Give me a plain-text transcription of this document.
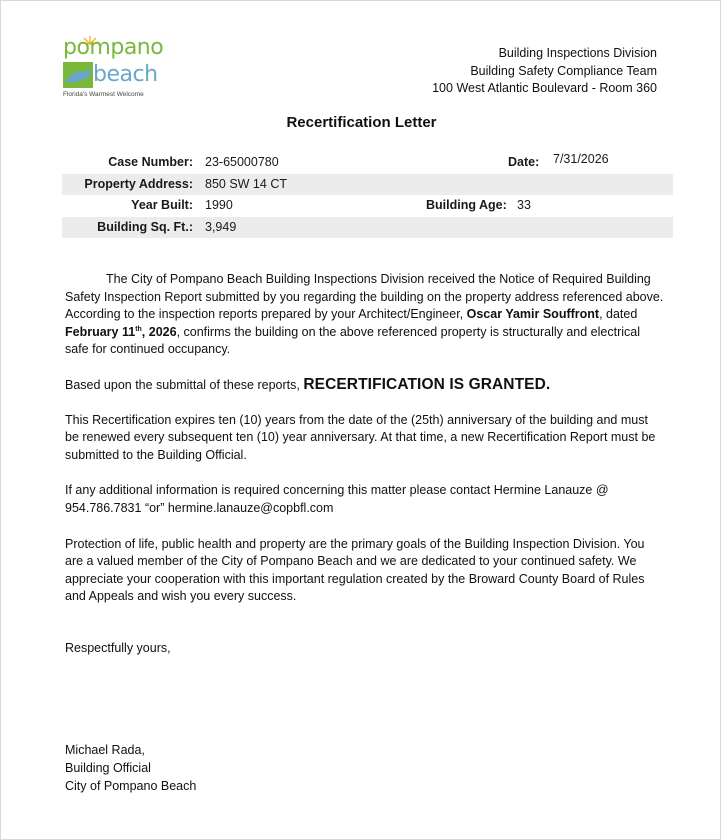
pompano
beach
Florida's Warmest Welcome
Building Inspections Division
Building Safety Compliance Team
100 West Atlantic Boulevard - Room 360
Recertification Letter
Case Number: 23-65000780	Date: 7/31/2026
Property Address: 850 SW 14 CT
Year Built: 1990	Building Age: 33
Building Sq. Ft.: 3,949

The City of Pompano Beach Building Inspections Division received the Notice of Required Building Safety Inspection Report submitted by you regarding the building on the property address referenced above. According to the inspection reports prepared by your Architect/Engineer, Oscar Yamir Souffront, dated February 11th, 2026, confirms the building on the above referenced property is structurally and electrical safe for continued occupancy.

Based upon the submittal of these reports, RECERTIFICATION IS GRANTED.

This Recertification expires ten (10) years from the date of the (25th) anniversary of the building and must be renewed every subsequent ten (10) year anniversary. At that time, a new Recertification Report must be submitted to the Building Official.

If any additional information is required concerning this matter please contact Hermine Lanauze @ 954.786.7831 “or” hermine.lanauze@copbfl.com

Protection of life, public health and property are the primary goals of the Building Inspection Division. You are a valued member of the City of Pompano Beach and we are dedicated to your continued safety. We appreciate your cooperation with this important regulation created by the Broward County Board of Rules and Appeals and wish you every success.

Respectfully yours,

Michael Rada,
Building Official
City of Pompano Beach
